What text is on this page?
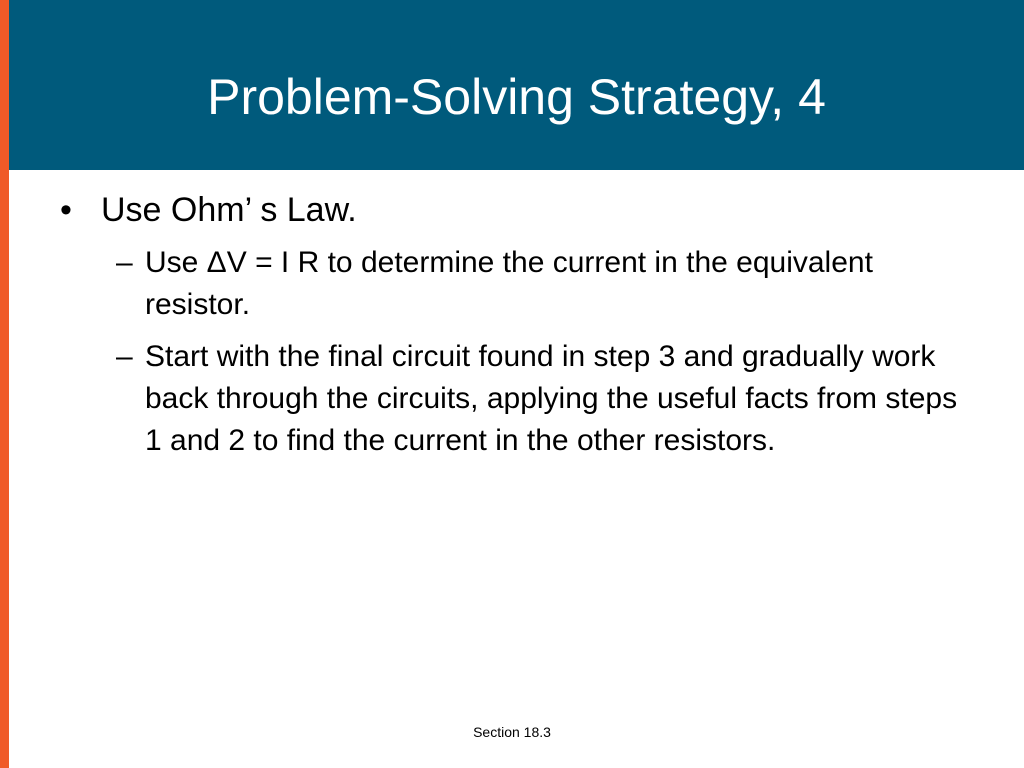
Problem-Solving Strategy, 4
• Use Ohm’ s Law.
– Use ΔV = I R to determine the current in the equivalent resistor.
– Start with the final circuit found in step 3 and gradually work back through the circuits, applying the useful facts from steps 1 and 2 to find the current in the other resistors.
Section 18.3
